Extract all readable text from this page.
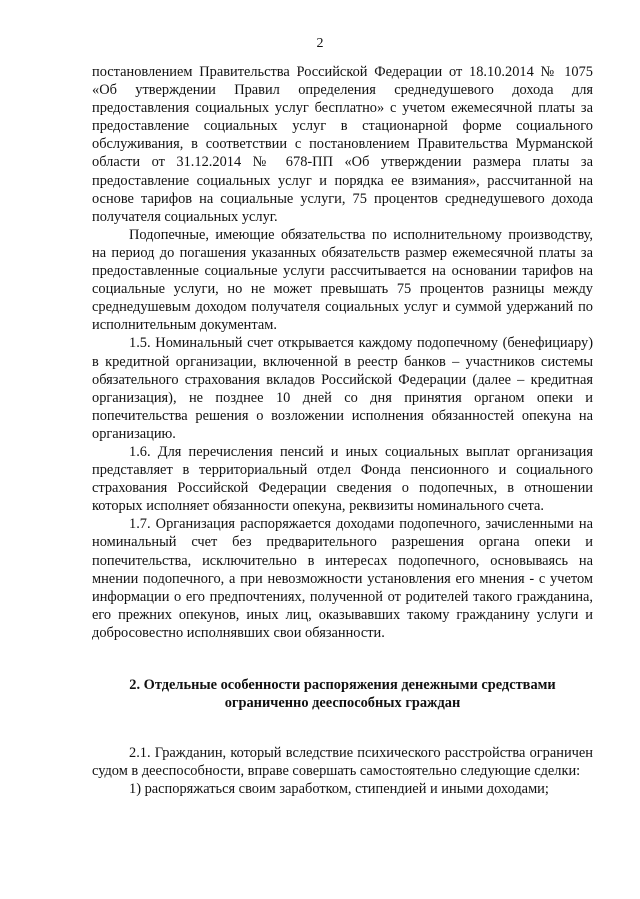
2

постановлением Правительства Российской Федерации от 18.10.2014 № 1075 «Об утверждении Правил определения среднедушевого дохода для предоставления социальных услуг бесплатно» с учетом ежемесячной платы за предоставление социальных услуг в стационарной форме социального обслуживания, в соответствии с постановлением Правительства Мурманской области от 31.12.2014 № 678-ПП «Об утверждении размера платы за предоставление социальных услуг и порядка ее взимания», рассчитанной на основе тарифов на социальные услуги, 75 процентов среднедушевого дохода получателя социальных услуг.

Подопечные, имеющие обязательства по исполнительному производству, на период до погашения указанных обязательств размер ежемесячной платы за предоставленные социальные услуги рассчитывается на основании тарифов на социальные услуги, но не может превышать 75 процентов разницы между среднедушевым доходом получателя социальных услуг и суммой удержаний по исполнительным документам.

1.5. Номинальный счет открывается каждому подопечному (бенефициару) в кредитной организации, включенной в реестр банков – участников системы обязательного страхования вкладов Российской Федерации (далее – кредитная организация), не позднее 10 дней со дня принятия органом опеки и попечительства решения о возложении исполнения обязанностей опекуна на организацию.

1.6. Для перечисления пенсий и иных социальных выплат организация представляет в территориальный отдел Фонда пенсионного и социального страхования Российской Федерации сведения о подопечных, в отношении которых исполняет обязанности опекуна, реквизиты номинального счета.

1.7. Организация распоряжается доходами подопечного, зачисленными на номинальный счет без предварительного разрешения органа опеки и попечительства, исключительно в интересах подопечного, основываясь на мнении подопечного, а при невозможности установления его мнения - с учетом информации о его предпочтениях, полученной от родителей такого гражданина, его прежних опекунов, иных лиц, оказывавших такому гражданину услуги и добросовестно исполнявших свои обязанности.

2. Отдельные особенности распоряжения денежными средствами
ограниченно дееспособных граждан

2.1. Гражданин, который вследствие психического расстройства ограничен судом в дееспособности, вправе совершать самостоятельно следующие сделки:

1) распоряжаться своим заработком, стипендией и иными доходами;
